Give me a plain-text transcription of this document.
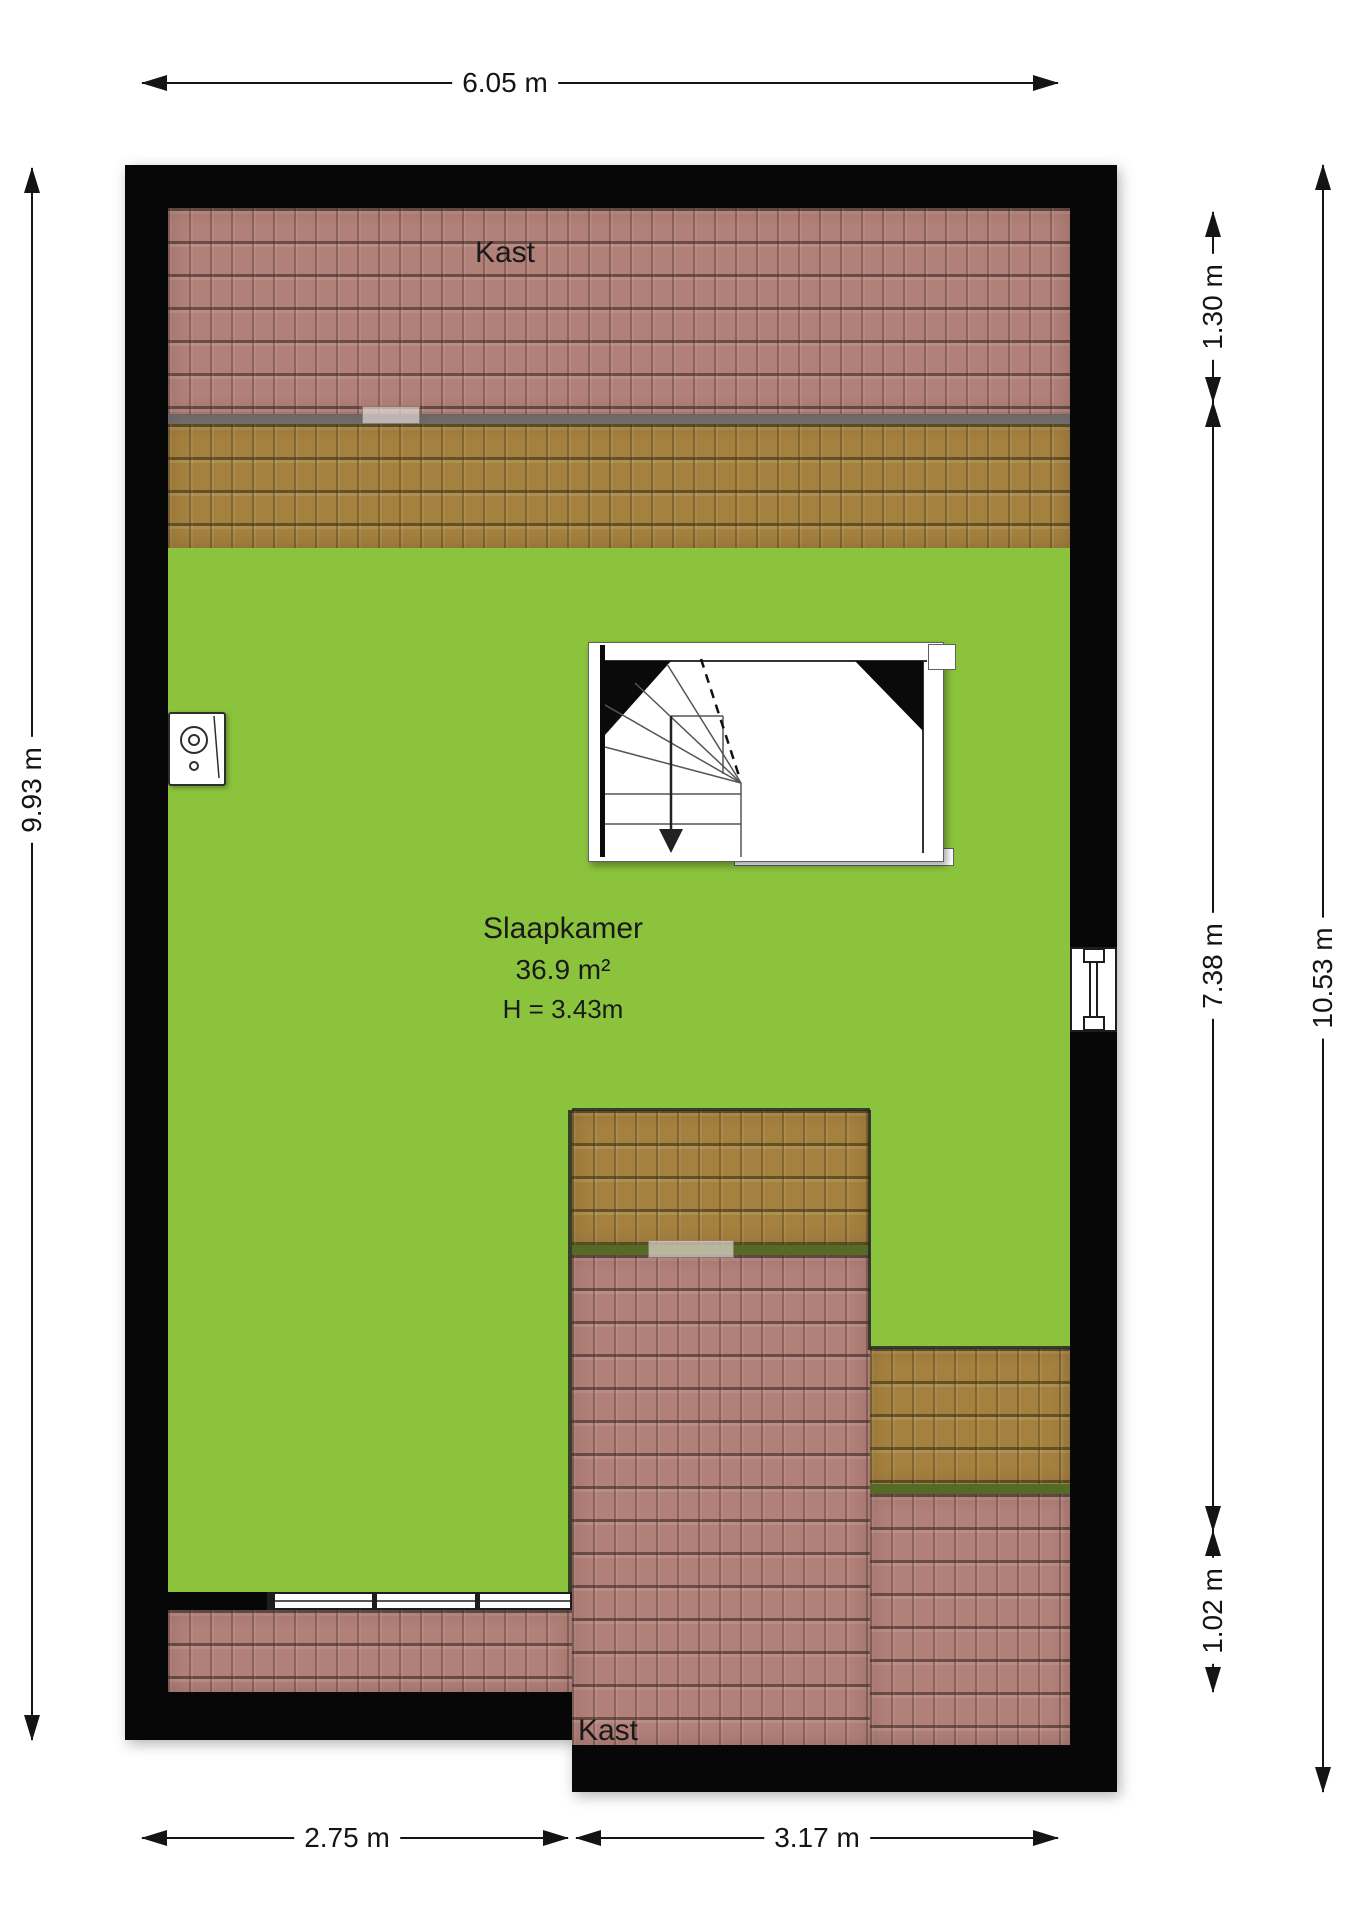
Kast
Kast
Slaapkamer
36.9 m²
H = 3.43m
6.05 m
9.93 m
1.30 m
7.38 m
1.02 m
10.53 m
2.75 m	3.17 m
